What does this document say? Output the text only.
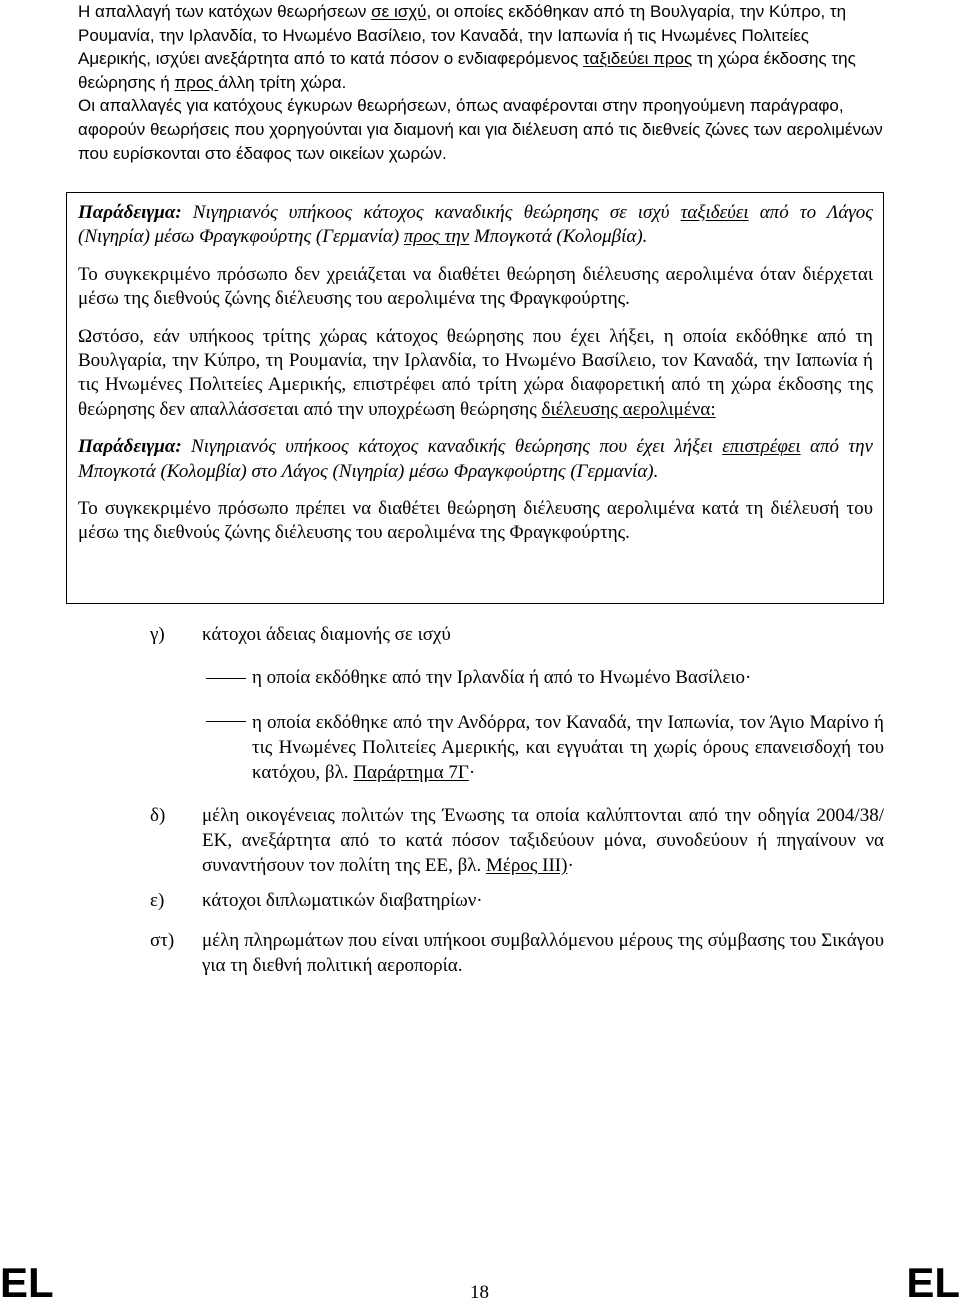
Η απαλλαγή των κατόχων θεωρήσεων σε ισχύ, οι οποίες εκδόθηκαν από τη Βουλγαρία, την Κύπρο, τη Ρουμανία, την Ιρλανδία, το Ηνωμένο Βασίλειο, τον Καναδά, την Ιαπωνία ή τις Ηνωμένες Πολιτείες Αμερικής, ισχύει ανεξάρτητα από το κατά πόσον ο ενδιαφερόμενος ταξιδεύει προς τη χώρα έκδοσης της θεώρησης ή προς άλλη τρίτη χώρα.

Οι απαλλαγές για κατόχους έγκυρων θεωρήσεων, όπως αναφέρονται στην προηγούμενη παράγραφο, αφορούν θεωρήσεις που χορηγούνται για διαμονή και για διέλευση από τις διεθνείς ζώνες των αερολιμένων που ευρίσκονται στο έδαφος των οικείων χωρών.

Παράδειγμα: Νιγηριανός υπήκοος κάτοχος καναδικής θεώρησης σε ισχύ ταξιδεύει από το Λάγος (Νιγηρία) μέσω Φραγκφούρτης (Γερμανία) προς την Μπογκοτά (Κολομβία).

Το συγκεκριμένο πρόσωπο δεν χρειάζεται να διαθέτει θεώρηση διέλευσης αερολιμένα όταν διέρχεται μέσω της διεθνούς ζώνης διέλευσης του αερολιμένα της Φραγκφούρτης.

Ωστόσο, εάν υπήκοος τρίτης χώρας κάτοχος θεώρησης που έχει λήξει, η οποία εκδόθηκε από τη Βουλγαρία, την Κύπρο, τη Ρουμανία, την Ιρλανδία, το Ηνωμένο Βασίλειο, τον Καναδά, την Ιαπωνία ή τις Ηνωμένες Πολιτείες Αμερικής, επιστρέφει από τρίτη χώρα διαφορετική από τη χώρα έκδοσης της θεώρησης δεν απαλλάσσεται από την υποχρέωση θεώρησης διέλευσης αερολιμένα:

Παράδειγμα: Νιγηριανός υπήκοος κάτοχος καναδικής θεώρησης που έχει λήξει επιστρέφει από την Μπογκοτά (Κολομβία) στο Λάγος (Νιγηρία) μέσω Φραγκφούρτης (Γερμανία).

Το συγκεκριμένο πρόσωπο πρέπει να διαθέτει θεώρηση διέλευσης αερολιμένα κατά τη διέλευσή του μέσω της διεθνούς ζώνης διέλευσης του αερολιμένα της Φραγκφούρτης.

γ) κάτοχοι άδειας διαμονής σε ισχύ
η οποία εκδόθηκε από την Ιρλανδία ή από το Ηνωμένο Βασίλειο·
η οποία εκδόθηκε από την Ανδόρρα, τον Καναδά, την Ιαπωνία, τον Άγιο Μαρίνο ή τις Ηνωμένες Πολιτείες Αμερικής, και εγγυάται τη χωρίς όρους επανεισδοχή του κατόχου, βλ. Παράρτημα 7Γ·
δ) μέλη οικογένειας πολιτών της Ένωσης τα οποία καλύπτονται από την οδηγία 2004/38/ΕΚ, ανεξάρτητα από το κατά πόσον ταξιδεύουν μόνα, συνοδεύουν ή πηγαίνουν να συναντήσουν τον πολίτη της ΕΕ, βλ. Μέρος ΙΙΙ)·
ε) κάτοχοι διπλωματικών διαβατηρίων·
στ) μέλη πληρωμάτων που είναι υπήκοοι συμβαλλόμενου μέρους της σύμβασης του Σικάγου για τη διεθνή πολιτική αεροπορία.
EL	18	EL
